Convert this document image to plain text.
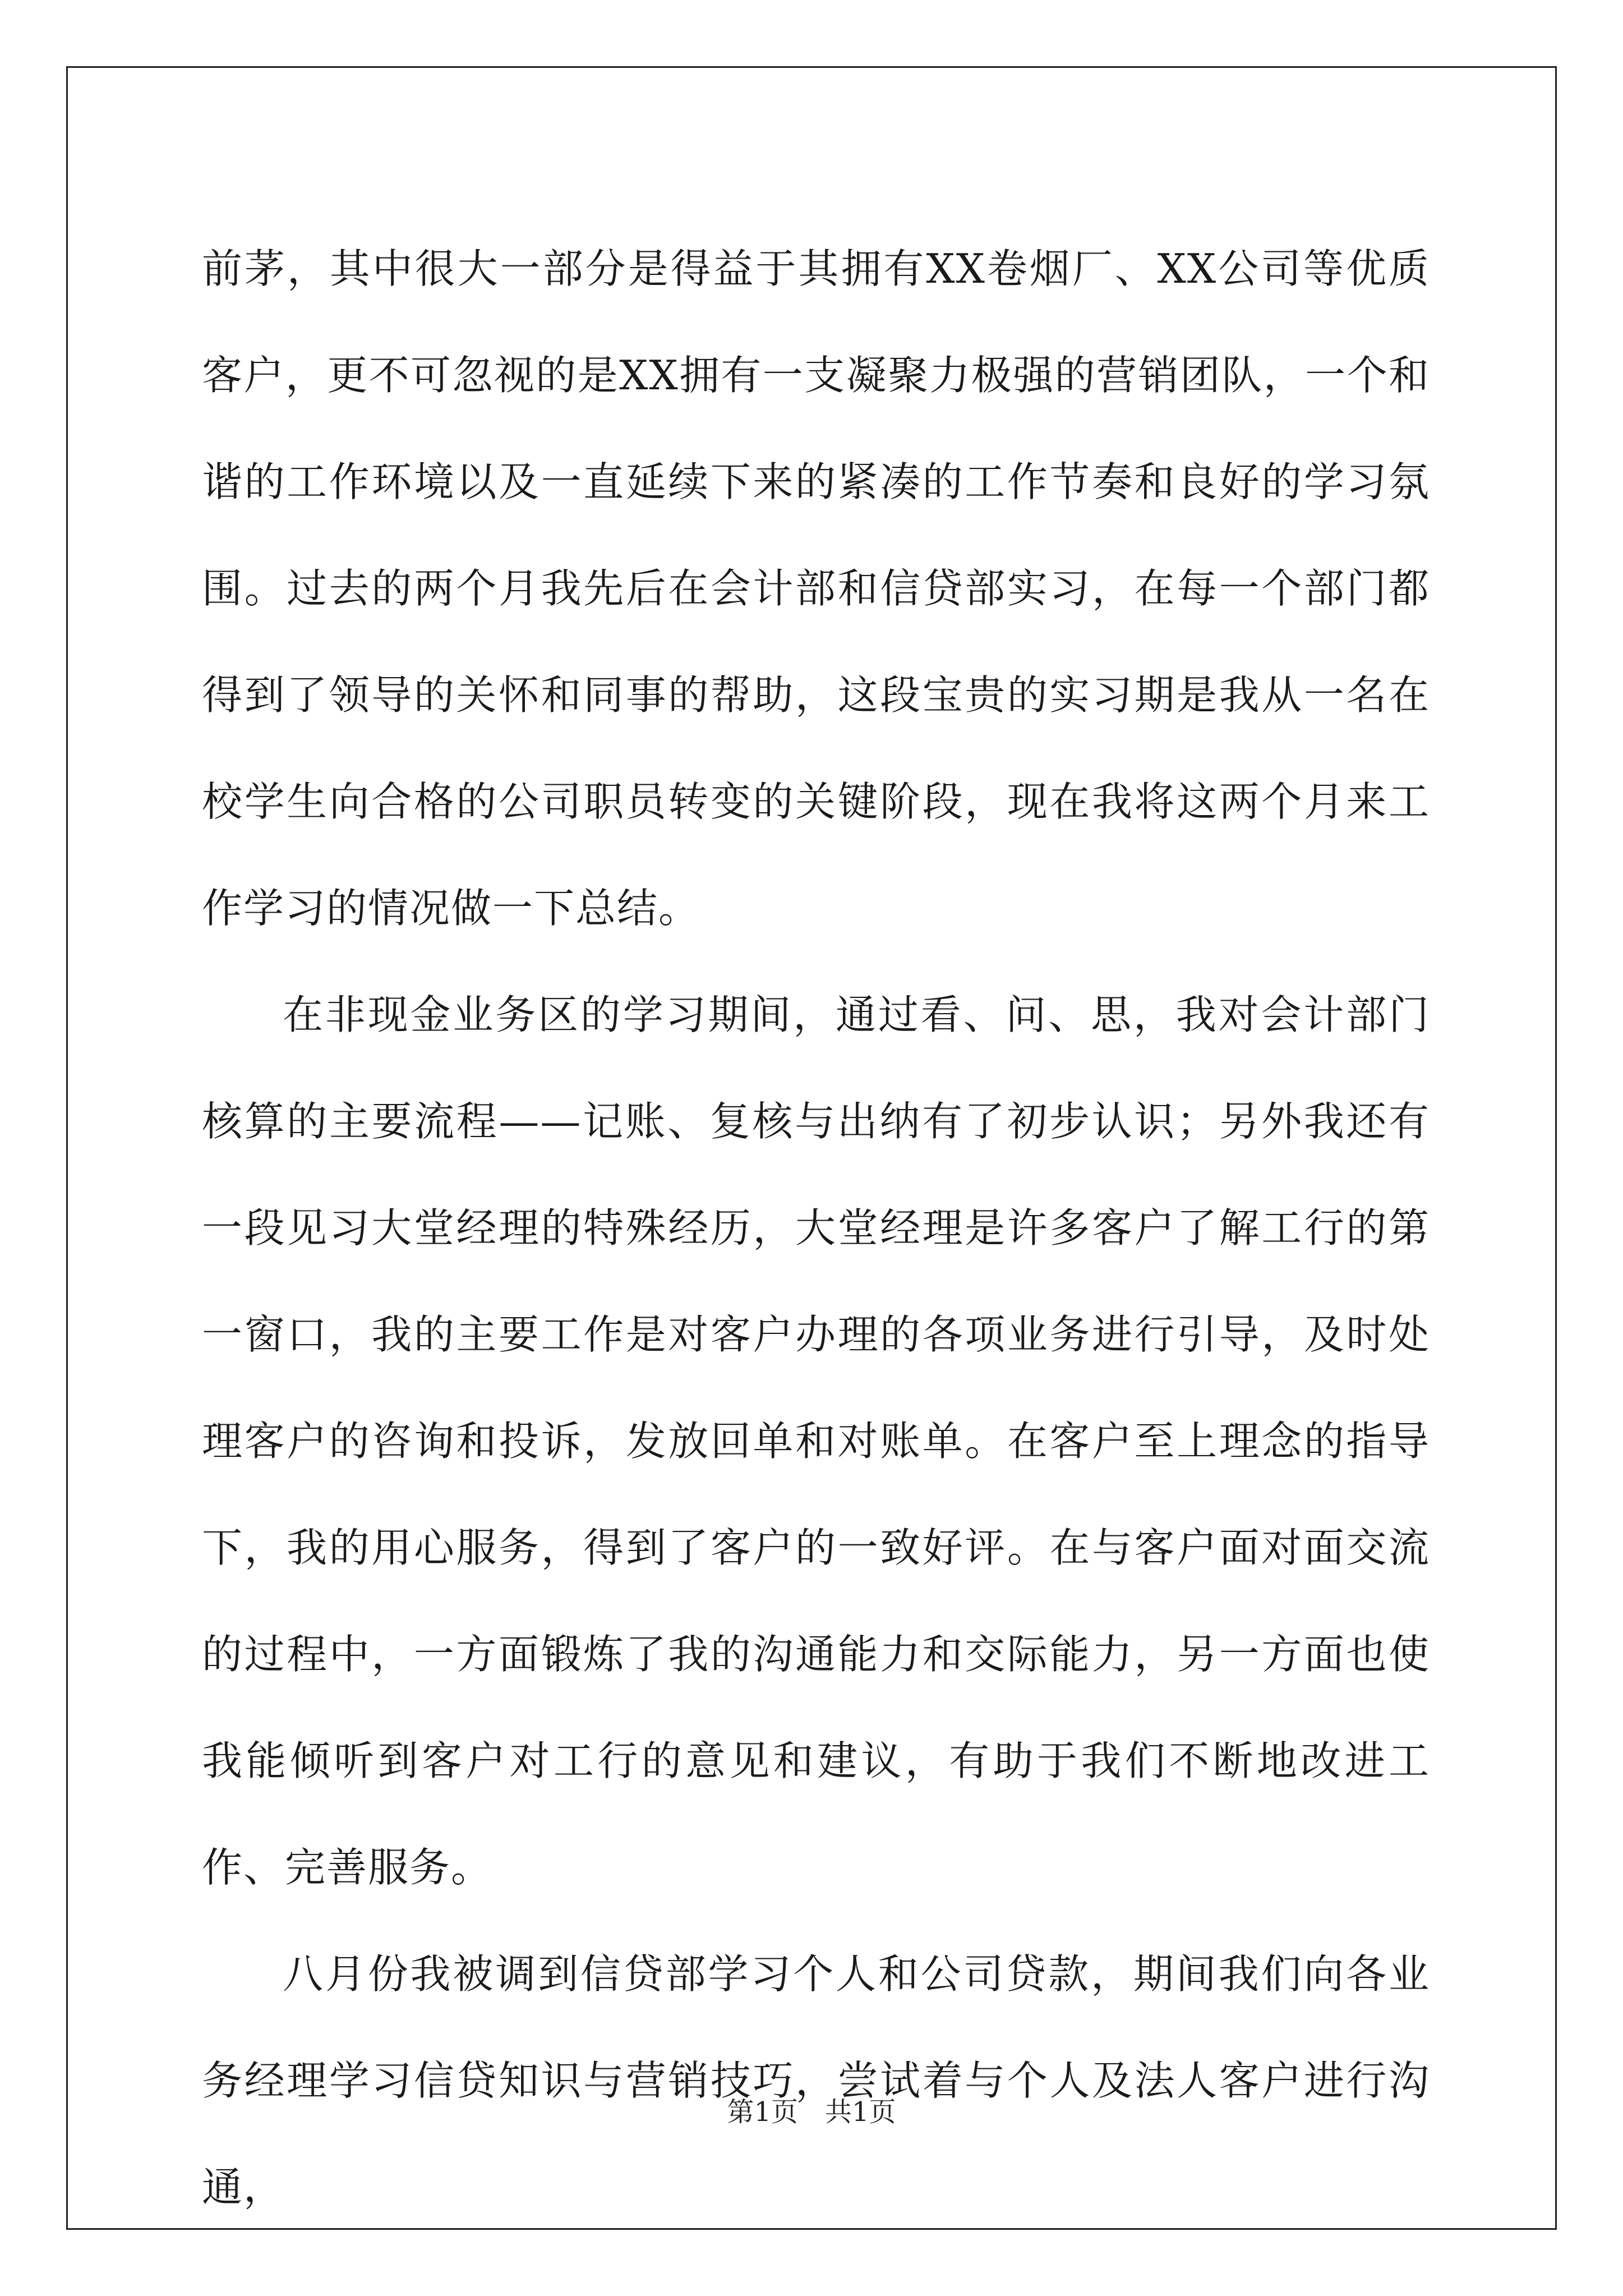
前茅，其中很大一部分是得益于其拥有XX卷烟厂、XX公司等优质客户，更不可忽视的是XX拥有一支凝聚力极强的营销团队，一个和谐的工作环境以及一直延续下来的紧凑的工作节奏和良好的学习氛围。过去的两个月我先后在会计部和信贷部实习，在每一个部门都得到了领导的关怀和同事的帮助，这段宝贵的实习期是我从一名在校学生向合格的公司职员转变的关键阶段，现在我将这两个月来工作学习的情况做一下总结。

在非现金业务区的学习期间，通过看、问、思，我对会计部门核算的主要流程——记账、复核与出纳有了初步认识；另外我还有一段见习大堂经理的特殊经历，大堂经理是许多客户了解工行的第一窗口，我的主要工作是对客户办理的各项业务进行引导，及时处理客户的咨询和投诉，发放回单和对账单。在客户至上理念的指导下，我的用心服务，得到了客户的一致好评。在与客户面对面交流的过程中，一方面锻炼了我的沟通能力和交际能力，另一方面也使我能倾听到客户对工行的意见和建议，有助于我们不断地改进工作、完善服务。

八月份我被调到信贷部学习个人和公司贷款，期间我们向各业务经理学习信贷知识与营销技巧，尝试着与个人及法人客户进行沟通，

第1页 共1页
